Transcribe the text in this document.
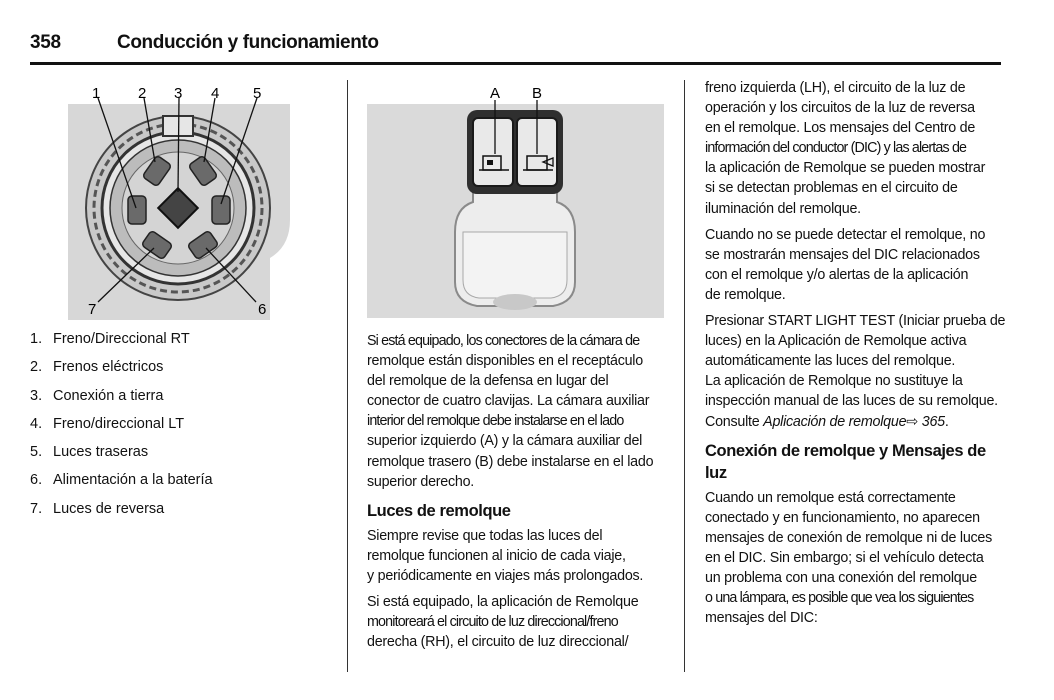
358	Conducción y funcionamiento
1	2 3 4 5
6
7
1. Freno/Direccional RT
2. Frenos eléctricos
3. Conexión a tierra
4. Freno/direccional LT
5. Luces traseras
6. Alimentación a la batería
7. Luces de reversa
A B

Si está equipado, los conectores de la cámara de
remolque están disponibles en el receptáculo
del remolque de la defensa en lugar del
conector de cuatro clavijas. La cámara auxiliar
interior del remolque debe instalarse en el lado
superior izquierdo (A) y la cámara auxiliar del
remolque trasero (B) debe instalarse en el lado
superior derecho.

Luces de remolque

Siempre revise que todas las luces del
remolque funcionen al inicio de cada viaje,
y periódicamente en viajes más prolongados.

Si está equipado, la aplicación de Remolque
monitoreará el circuito de luz direccional/freno
derecha (RH), el circuito de luz direccional/

freno izquierda (LH), el circuito de la luz de
operación y los circuitos de la luz de reversa
en el remolque. Los mensajes del Centro de
información del conductor (DIC) y las alertas de
la aplicación de Remolque se pueden mostrar
si se detectan problemas en el circuito de
iluminación del remolque.

Cuando no se puede detectar el remolque, no
se mostrarán mensajes del DIC relacionados
con el remolque y/o alertas de la aplicación
de remolque.

Presionar START LIGHT TEST (Iniciar prueba de
luces) en la Aplicación de Remolque activa
automáticamente las luces del remolque.
La aplicación de Remolque no sustituye la
inspección manual de las luces de su remolque.
Consulte Aplicación de remolque⇨ 365.

Conexión de remolque y Mensajes de luz

Cuando un remolque está correctamente
conectado y en funcionamiento, no aparecen
mensajes de conexión de remolque ni de luces
en el DIC. Sin embargo; si el vehículo detecta
un problema con una conexión del remolque
o una lámpara, es posible que vea los siguientes
mensajes del DIC:
